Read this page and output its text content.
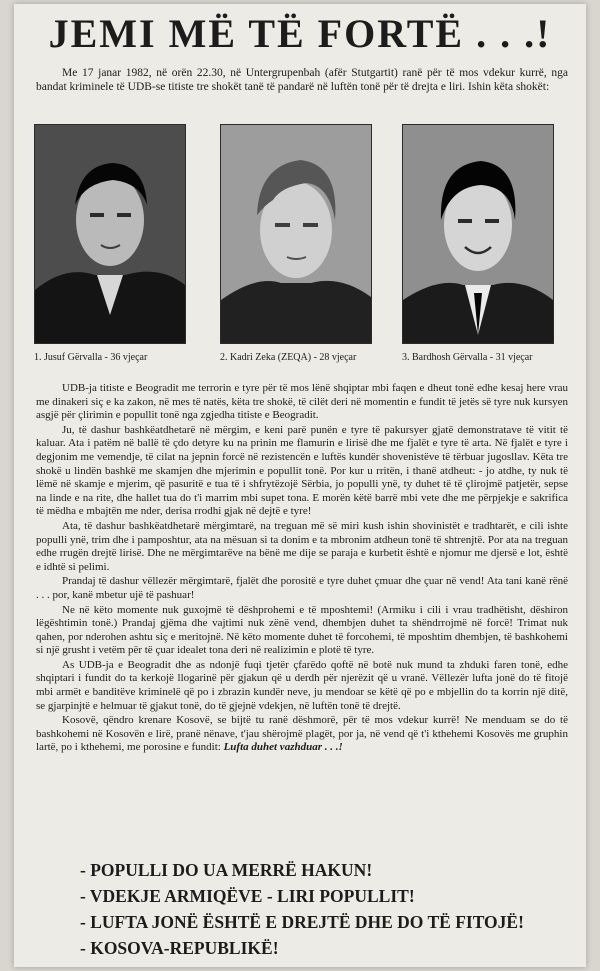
JEMI MË TË FORTË . . .!
Me 17 janar 1982, në orën 22.30, në Untergrupenbah (afër Stutgartit) ranë për të mos vdekur kurrë, nga bandat kriminele të UDB-se titiste tre shokët tanë të pandarë në luftën tonë për të drejta e liri. Ishin këta shokët:
1. Jusuf Gërvalla - 36 vjeçar	2. Kadri Zeka (ZEQA) - 28 vjeçar	3. Bardhosh Gërvalla - 31 vjeçar

UDB-ja titiste e Beogradit me terrorin e tyre për të mos lënë shqiptar mbi faqen e dheut tonë edhe kesaj here vrau me dinakeri siç e ka zakon, në mes të natës, këta tre shokë, të cilët deri në momentin e fundit të jetës së tyre nuk kursyen asgjë për çlirimin e popullit tonë nga zgjedha titiste e Beogradit.

Ju, të dashur bashkëatdhetarë në mërgim, e keni parë punën e tyre të pakursyer gjatë demonstratave të vitit të kaluar. Ata i patëm në ballë të çdo detyre ku na prinin me flamurin e lirisë dhe me fjalët e tyre të arta. Në fjalët e tyre i degjonim me vemendje, të cilat na jepnin forcë në rezistencën e luftës kundër shovenistëve të tërbuar jugosllav. Këta tre shokë u lindën bashkë me skamjen dhe mjerimin e popullit tonë. Por kur u rritën, i thanë atdheut: - jo atdhe, ty nuk të lëmë në skamje e mjerim, që pasuritë e tua të i shfrytëzojë Sërbia, jo populli ynë, ty duhet të të çlirojmë patjetër, sepse na linde e na rite, dhe hallet tua do t'i marrim mbi supet tona. E morën këtë barrë mbi vete dhe me përpjekje e sakrifica të mëdha e mbajtën me nder, derisa rrodhi gjak në dejtë e tyre!

Ata, të dashur bashkëatdhetarë mërgimtarë, na treguan më së miri kush ishin shovinistët e tradhtarët, e cili ishte populli ynë, trim dhe i pamposhtur, ata na mësuan si ta donim e ta mbronim atdheun tonë të shtrenjtë. Por ata na treguan edhe rrugën drejtë lirisë. Dhe ne mërgimtarëve na bënë me dije se paraja e kurbetit është e njomur me djersë e lot, është e idhtë si pelimi.

Prandaj të dashur vëllezër mërgimtarë, fjalët dhe porositë e tyre duhet çmuar dhe çuar në vend! Ata tani kanë rënë . . . por, kanë mbetur ujë të pashuar!

Ne në këto momente nuk guxojmë të dëshprohemi e të mposhtemi! (Armiku i cili i vrau tradhëtisht, dëshiron lëgështimin tonë.) Prandaj gjëma dhe vajtimi nuk zënë vend, dhembjen duhet ta shëndrrojmë në forcë! Trimat nuk qahen, por nderohen ashtu siç e meritojnë. Në këto momente duhet të forcohemi, të mposhtim dhembjen, të bashkohemi si një grusht i vetëm për të çuar idealet tona deri në realizimin e plotë të tyre.

As UDB-ja e Beogradit dhe as ndonjë fuqi tjetër çfarëdo qoftë në botë nuk mund ta zhduki faren tonë, edhe shqiptari i fundit do ta kerkojë llogarinë për gjakun që u derdh për njerëzit që u vranë. Vëllezër lufta jonë do të fitojë mbi armët e banditëve kriminelë që po i zbrazin kundër neve, ju mendoar se këtë që po e mbjellin do ta korrin një ditë, se gjarpinjtë e helmuar të gjakut tonë, do të gjejnë vdekjen, në luftën tonë të drejtë.

Kosovë, qëndro krenare Kosovë, se bijtë tu ranë dëshmorë, për të mos vdekur kurrë! Ne menduam se do të bashkohemi në Kosovën e lirë, pranë nënave, t'jau shërojmë plagët, por ja, në vend që t'i kthehemi Kosovës me gruphin lartë, po i kthehemi, me porosine e fundit: Lufta duhet vazhduar . . .!

- POPULLI DO UA MERRË HAKUN!
- VDEKJE ARMIQËVE - LIRI POPULLIT!
- LUFTA JONË ËSHTË E DREJTË DHE DO TË FITOJË!
- KOSOVA-REPUBLIKË!
